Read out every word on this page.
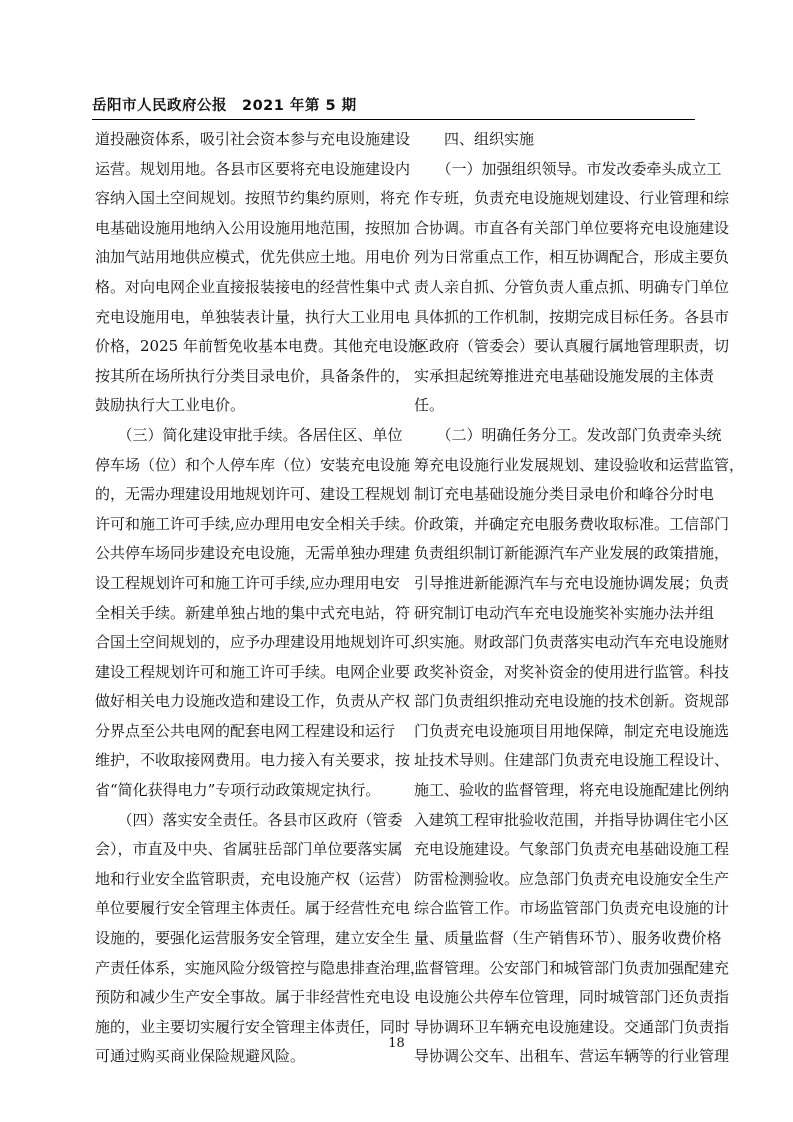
岳阳市人民政府公报　2021 年第 5 期
道投融资体系，吸引社会资本参与充电设施建设
运营。规划用地。各县市区要将充电设施建设内
容纳入国土空间规划。按照节约集约原则，将充
电基础设施用地纳入公用设施用地范围，按照加
油加气站用地供应模式，优先供应土地。用电价
格。对向电网企业直接报装接电的经营性集中式
充电设施用电，单独装表计量，执行大工业用电
价格，2025 年前暂免收基本电费。其他充电设施
按其所在场所执行分类目录电价，具备条件的，
鼓励执行大工业电价。
　　（三）简化建设审批手续。各居住区、单位
停车场（位）和个人停车库（位）安装充电设施
的，无需办理建设用地规划许可、建设工程规划
许可和施工许可手续,应办理用电安全相关手续。
公共停车场同步建设充电设施，无需单独办理建
设工程规划许可和施工许可手续,应办理用电安
全相关手续。新建单独占地的集中式充电站，符
合国土空间规划的，应予办理建设用地规划许可、
建设工程规划许可和施工许可手续。电网企业要
做好相关电力设施改造和建设工作，负责从产权
分界点至公共电网的配套电网工程建设和运行
维护，不收取接网费用。电力接入有关要求，按
省“简化获得电力”专项行动政策规定执行。
　　（四）落实安全责任。各县市区政府（管委
会），市直及中央、省属驻岳部门单位要落实属
地和行业安全监管职责，充电设施产权（运营）
单位要履行安全管理主体责任。属于经营性充电
设施的，要强化运营服务安全管理，建立安全生
产责任体系，实施风险分级管控与隐患排查治理，
预防和减少生产安全事故。属于非经营性充电设
施的，业主要切实履行安全管理主体责任，同时
可通过购买商业保险规避风险。
　　四、组织实施
　　（一）加强组织领导。市发改委牵头成立工
作专班，负责充电设施规划建设、行业管理和综
合协调。市直各有关部门单位要将充电设施建设
列为日常重点工作，相互协调配合，形成主要负
责人亲自抓、分管负责人重点抓、明确专门单位
具体抓的工作机制，按期完成目标任务。各县市
区政府（管委会）要认真履行属地管理职责，切
实承担起统筹推进充电基础设施发展的主体责
任。
　　（二）明确任务分工。发改部门负责牵头统
筹充电设施行业发展规划、建设验收和运营监管，
制订充电基础设施分类目录电价和峰谷分时电
价政策，并确定充电服务费收取标准。工信部门
负责组织制订新能源汽车产业发展的政策措施，
引导推进新能源汽车与充电设施协调发展；负责
研究制订电动汽车充电设施奖补实施办法并组
织实施。财政部门负责落实电动汽车充电设施财
政奖补资金，对奖补资金的使用进行监管。科技
部门负责组织推动充电设施的技术创新。资规部
门负责充电设施项目用地保障，制定充电设施选
址技术导则。住建部门负责充电设施工程设计、
施工、验收的监督管理，将充电设施配建比例纳
入建筑工程审批验收范围，并指导协调住宅小区
充电设施建设。气象部门负责充电基础设施工程
防雷检测验收。应急部门负责充电设施安全生产
综合监管工作。市场监管部门负责充电设施的计
量、质量监督（生产销售环节）、服务收费价格
监督管理。公安部门和城管部门负责加强配建充
电设施公共停车位管理，同时城管部门还负责指
导协调环卫车辆充电设施建设。交通部门负责指
导协调公交车、出租车、营运车辆等的行业管理
18
